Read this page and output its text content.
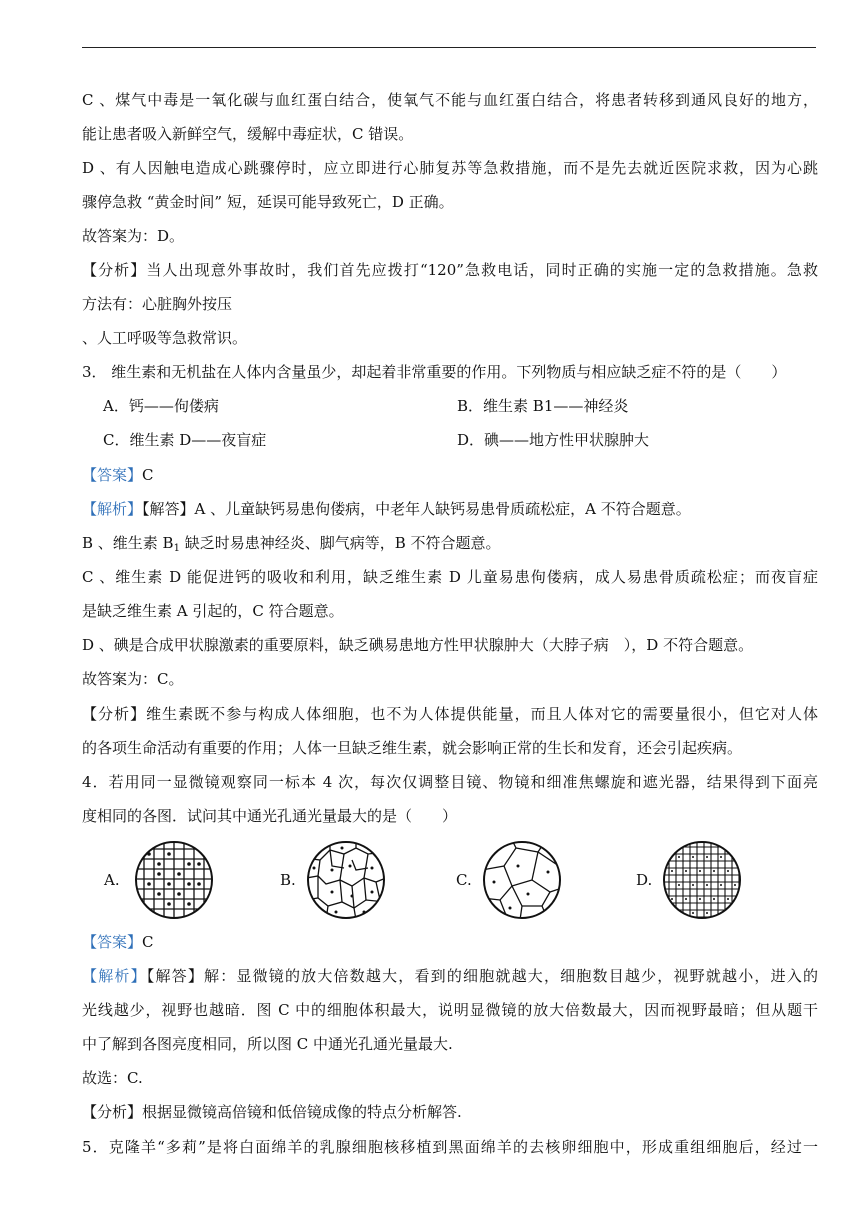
C 、煤气中毒是一氧化碳与血红蛋白结合，使氧气不能与血红蛋白结合，将患者转移到通风良好的地方，
能让患者吸入新鲜空气，缓解中毒症状，C 错误。
D 、有人因触电造成心跳骤停时，应立即进行心肺复苏等急救措施，而不是先去就近医院求救，因为心跳
骤停急救 “黄金时间” 短，延误可能导致死亡，D 正确。
故答案为：D。
【分析】当人出现意外事故时，我们首先应拨打“120”急救电话，同时正确的实施一定的急救措施。急救
方法有：心脏胸外按压
、人工呼吸等急救常识。
3． 维生素和无机盐在人体内含量虽少，却起着非常重要的作用。下列物质与相应缺乏症不符的是（　　）
A．钙——佝偻病	B．维生素 B1——神经炎
C．维生素 D——夜盲症	D．碘——地方性甲状腺肿大
【答案】C
【解析】【解答】A 、儿童缺钙易患佝偻病，中老年人缺钙易患骨质疏松症，A 不符合题意。
B 、维生素 $B_1$ 缺乏时易患神经炎、脚气病等，B 不符合题意。
C 、维生素 D 能促进钙的吸收和利用，缺乏维生素 D 儿童易患佝偻病，成人易患骨质疏松症；而夜盲症
是缺乏维生素 A 引起的，C 符合题意。
D 、碘是合成甲状腺激素的重要原料，缺乏碘易患地方性甲状腺肿大（大脖子病　），D 不符合题意。
故答案为：C。
【分析】维生素既不参与构成人体细胞，也不为人体提供能量，而且人体对它的需要量很小，但它对人体
的各项生命活动有重要的作用；人体一旦缺乏维生素，就会影响正常的生长和发育，还会引起疾病。
4．若用同一显微镜观察同一标本 4 次，每次仅调整目镜、物镜和细准焦螺旋和遮光器，结果得到下面亮
度相同的各图．试问其中通光孔通光量最大的是（　　）
A.	B.	C.	D.
【答案】C
【解析】【解答】解：显微镜的放大倍数越大，看到的细胞就越大，细胞数目越少，视野就越小，进入的
光线越少，视野也越暗．图 C 中的细胞体积最大，说明显微镜的放大倍数最大，因而视野最暗；但从题干
中了解到各图亮度相同，所以图 C 中通光孔通光量最大.
故选：C.
【分析】根据显微镜高倍镜和低倍镜成像的特点分析解答.
5．克隆羊“多莉”是将白面绵羊的乳腺细胞核移植到黑面绵羊的去核卵细胞中，形成重组细胞后，经过一
